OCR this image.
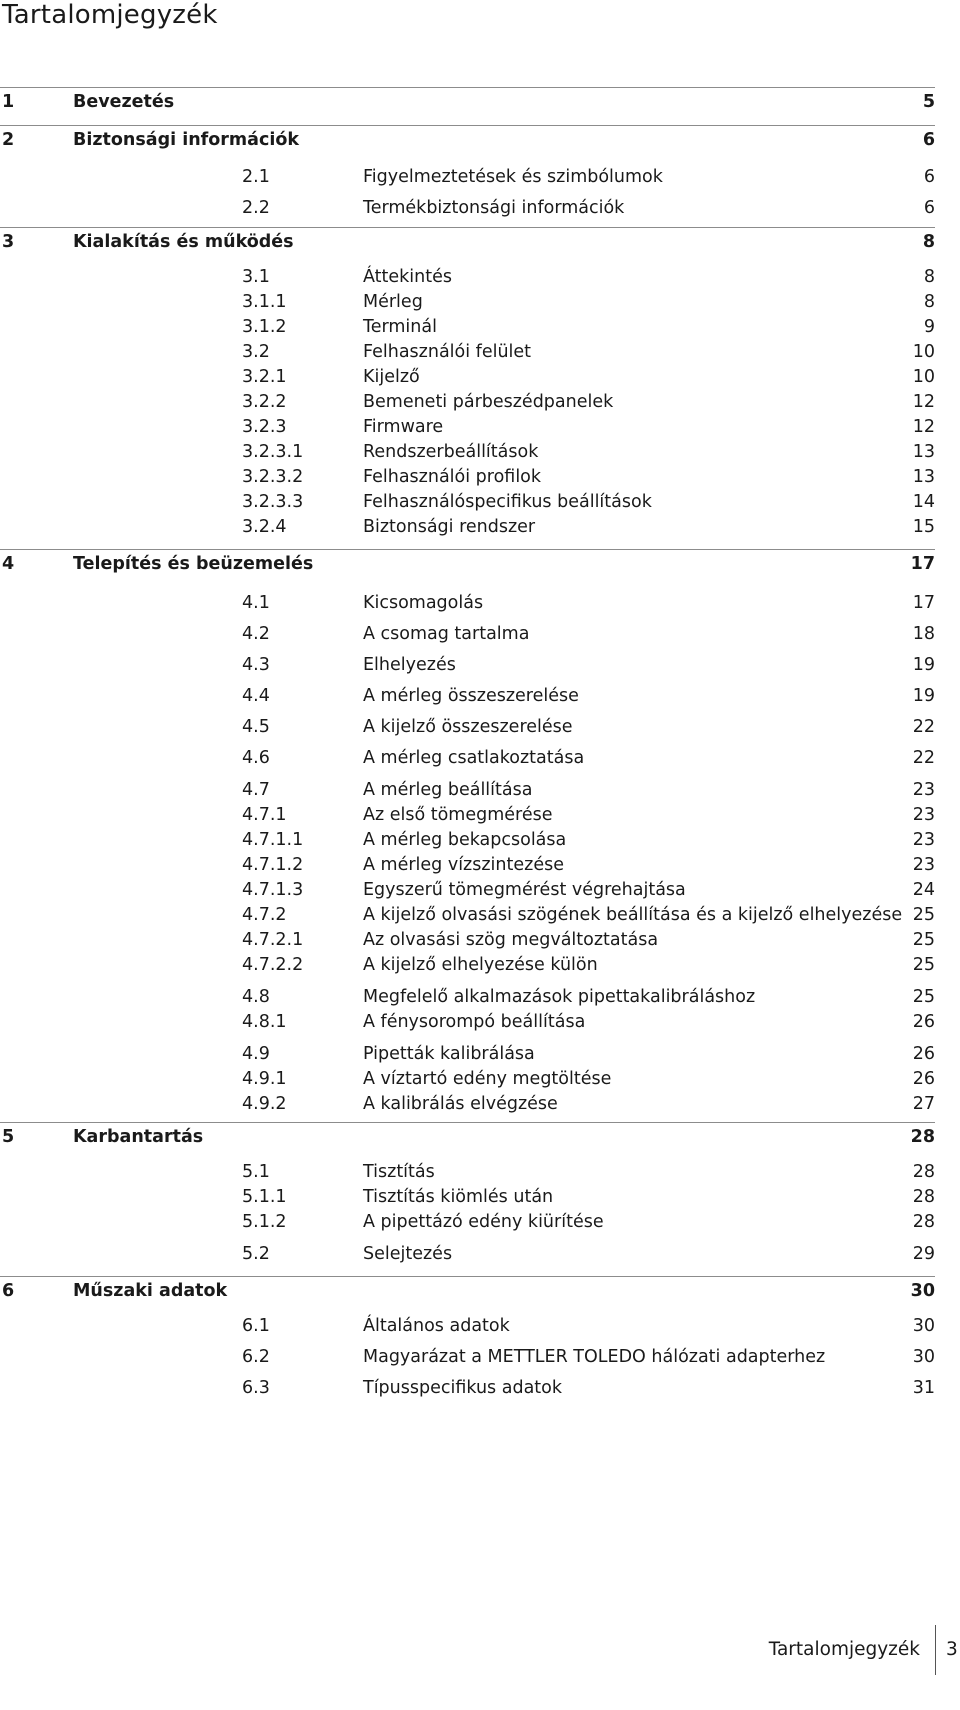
Tartalomjegyzék
1	Bevezetés	5
2	Biztonsági információk	6
2.1	Figyelmeztetések és szimbólumok	6
2.2	Termékbiztonsági információk	6
3	Kialakítás és működés	8
3.1	Áttekintés	8
3.1.1	Mérleg	8
3.1.2	Terminál	9
3.2	Felhasználói felület	10
3.2.1	Kijelző	10
3.2.2	Bemeneti párbeszédpanelek	12
3.2.3	Firmware	12
3.2.3.1	Rendszerbeállítások	13
3.2.3.2	Felhasználói profilok	13
3.2.3.3	Felhasználóspecifikus beállítások	14
3.2.4	Biztonsági rendszer	15
4	Telepítés és beüzemelés	17
4.1	Kicsomagolás	17
4.2	A csomag tartalma	18
4.3	Elhelyezés	19
4.4	A mérleg összeszerelése	19
4.5	A kijelző összeszerelése	22
4.6	A mérleg csatlakoztatása	22
4.7	A mérleg beállítása	23
4.7.1	Az első tömegmérése	23
4.7.1.1	A mérleg bekapcsolása	23
4.7.1.2	A mérleg vízszintezése	23
4.7.1.3	Egyszerű tömegmérést végrehajtása	24
4.7.2	A kijelző olvasási szögének beállítása és a kijelző elhelyezése 25
4.7.2.1	Az olvasási szög megváltoztatása	25
4.7.2.2	A kijelző elhelyezése külön	25
4.8	Megfelelő alkalmazások pipettakalibráláshoz	25
4.8.1	A fénysorompó beállítása	26
4.9	Pipetták kalibrálása	26
4.9.1	A víztartó edény megtöltése	26
4.9.2	A kalibrálás elvégzése	27
5	Karbantartás	28
5.1	Tisztítás	28
5.1.1	Tisztítás kiömlés után	28
5.1.2	A pipettázó edény kiürítése	28
5.2	Selejtezés	29
6	Műszaki adatok	30
6.1	Általános adatok	30
6.2	Magyarázat a METTLER TOLEDO hálózati adapterhez	30
6.3	Típusspecifikus adatok	31
Tartalomjegyzék	3
